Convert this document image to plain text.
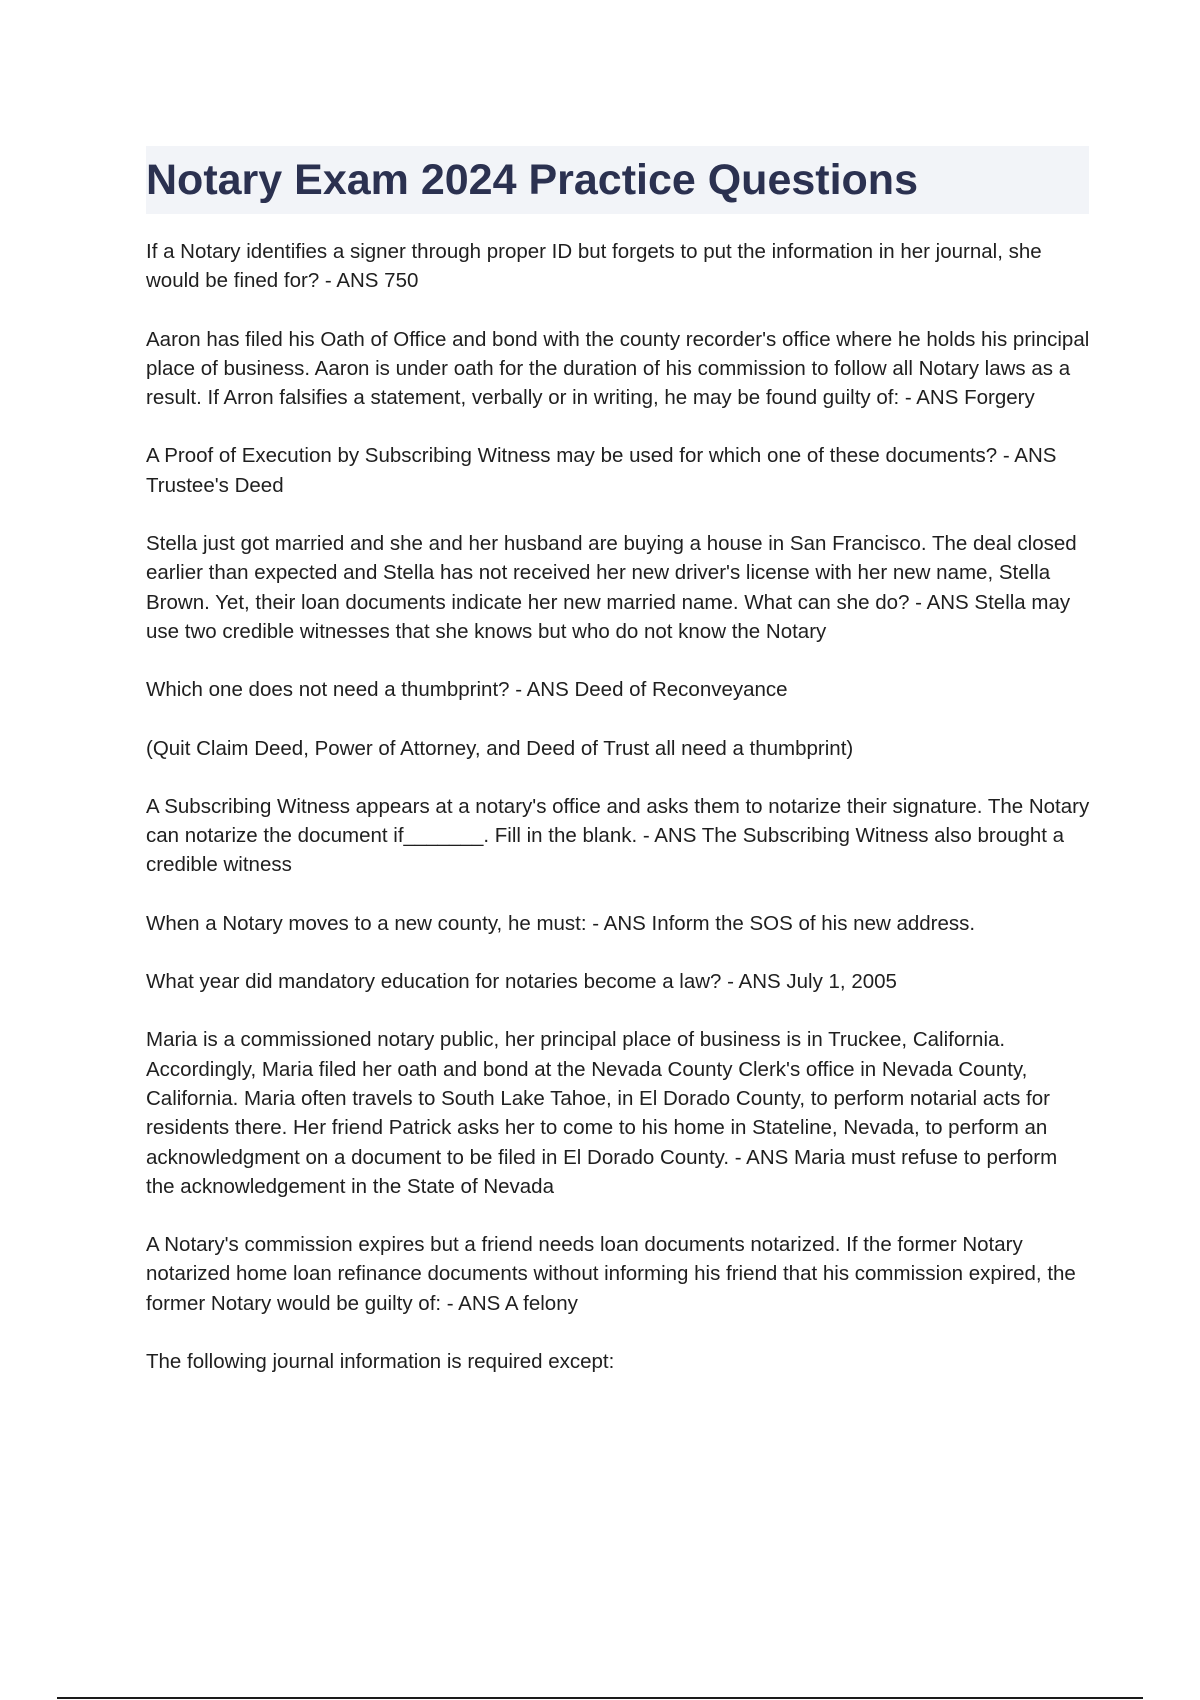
Notary Exam 2024 Practice Questions

If a Notary identifies a signer through proper ID but forgets to put the information in her journal, she would be fined for? - ANS 750

Aaron has filed his Oath of Office and bond with the county recorder's office where he holds his principal place of business. Aaron is under oath for the duration of his commission to follow all Notary laws as a result. If Arron falsifies a statement, verbally or in writing, he may be found guilty of: - ANS Forgery

A Proof of Execution by Subscribing Witness may be used for which one of these documents? - ANS Trustee's Deed

Stella just got married and she and her husband are buying a house in San Francisco. The deal closed earlier than expected and Stella has not received her new driver's license with her new name, Stella Brown. Yet, their loan documents indicate her new married name. What can she do? - ANS Stella may use two credible witnesses that she knows but who do not know the Notary

Which one does not need a thumbprint? - ANS Deed of Reconveyance

(Quit Claim Deed, Power of Attorney, and Deed of Trust all need a thumbprint)

A Subscribing Witness appears at a notary's office and asks them to notarize their signature. The Notary can notarize the document if_______. Fill in the blank. - ANS The Subscribing Witness also brought a credible witness

When a Notary moves to a new county, he must: - ANS Inform the SOS of his new address.

What year did mandatory education for notaries become a law? - ANS July 1, 2005

Maria is a commissioned notary public, her principal place of business is in Truckee, California. Accordingly, Maria filed her oath and bond at the Nevada County Clerk's office in Nevada County, California. Maria often travels to South Lake Tahoe, in El Dorado County, to perform notarial acts for residents there. Her friend Patrick asks her to come to his home in Stateline, Nevada, to perform an acknowledgment on a document to be filed in El Dorado County. - ANS Maria must refuse to perform the acknowledgement in the State of Nevada

A Notary's commission expires but a friend needs loan documents notarized. If the former Notary notarized home loan refinance documents without informing his friend that his commission expired, the former Notary would be guilty of: - ANS A felony

The following journal information is required except:
